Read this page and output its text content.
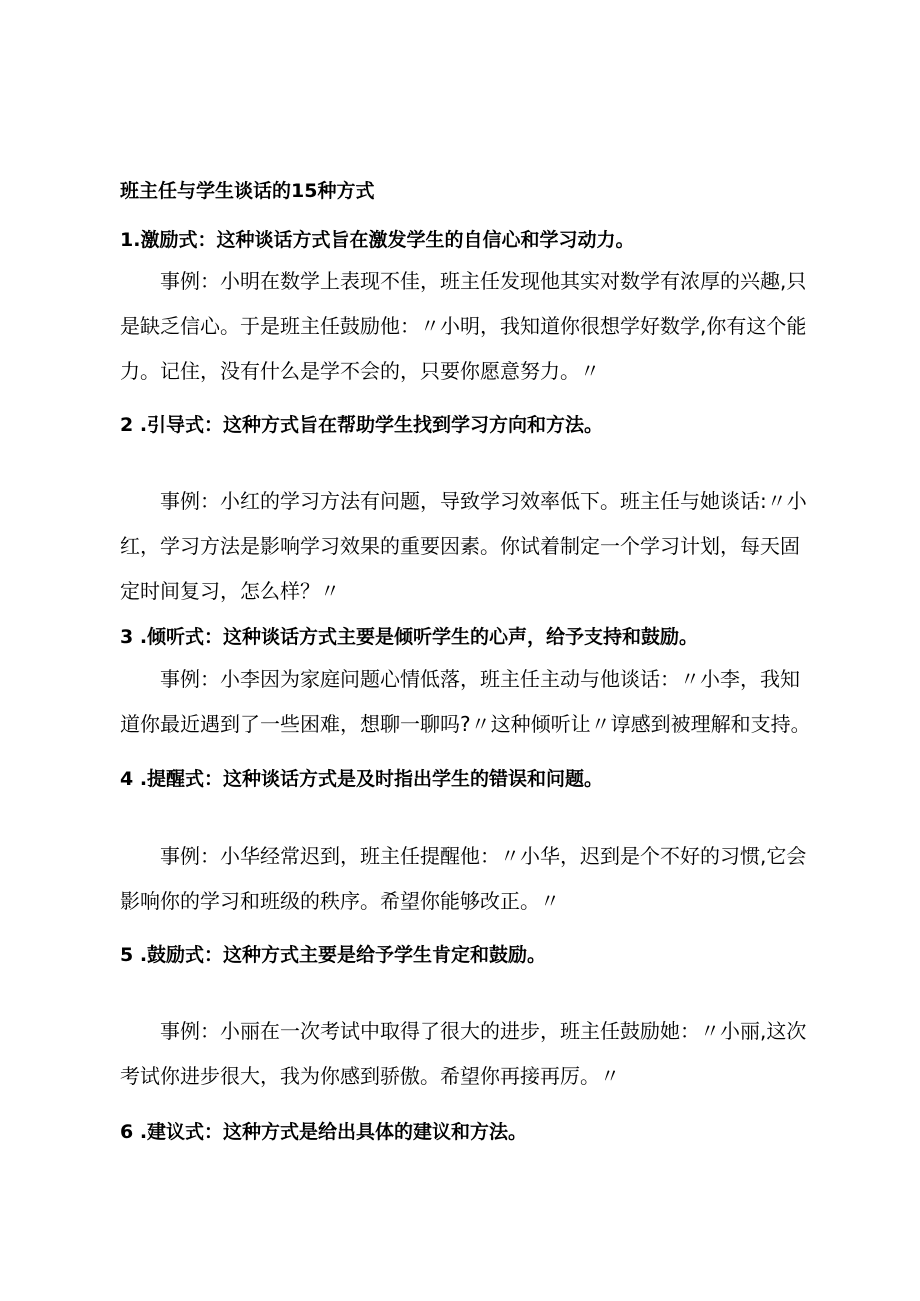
班主任与学生谈话的15种方式
1.激励式：这种谈话方式旨在激发学生的自信心和学习动力。

事例：小明在数学上表现不佳，班主任发现他其实对数学有浓厚的兴趣,只

是缺乏信心。于是班主任鼓励他：〃小明，我知道你很想学好数学,你有这个能

力。记住，没有什么是学不会的，只要你愿意努力。〃

2 .引导式：这种方式旨在帮助学生找到学习方向和方法。

事例：小红的学习方法有问题，导致学习效率低下。班主任与她谈话:〃小

红，学习方法是影响学习效果的重要因素。你试着制定一个学习计划，每天固

定时间复习，怎么样？〃

3 .倾听式：这种谈话方式主要是倾听学生的心声，给予支持和鼓励。

事例：小李因为家庭问题心情低落，班主任主动与他谈话：〃小李，我知

道你最近遇到了一些困难，想聊一聊吗?〃这种倾听让〃谆感到被理解和支持。

4 .提醒式：这种谈话方式是及时指出学生的错误和问题。

事例：小华经常迟到，班主任提醒他：〃小华，迟到是个不好的习惯,它会

影响你的学习和班级的秩序。希望你能够改正。〃

5 .鼓励式：这种方式主要是给予学生肯定和鼓励。

事例：小丽在一次考试中取得了很大的进步，班主任鼓励她：〃小丽,这次

考试你进步很大，我为你感到骄傲。希望你再接再厉。〃

6 .建议式：这种方式是给出具体的建议和方法。
